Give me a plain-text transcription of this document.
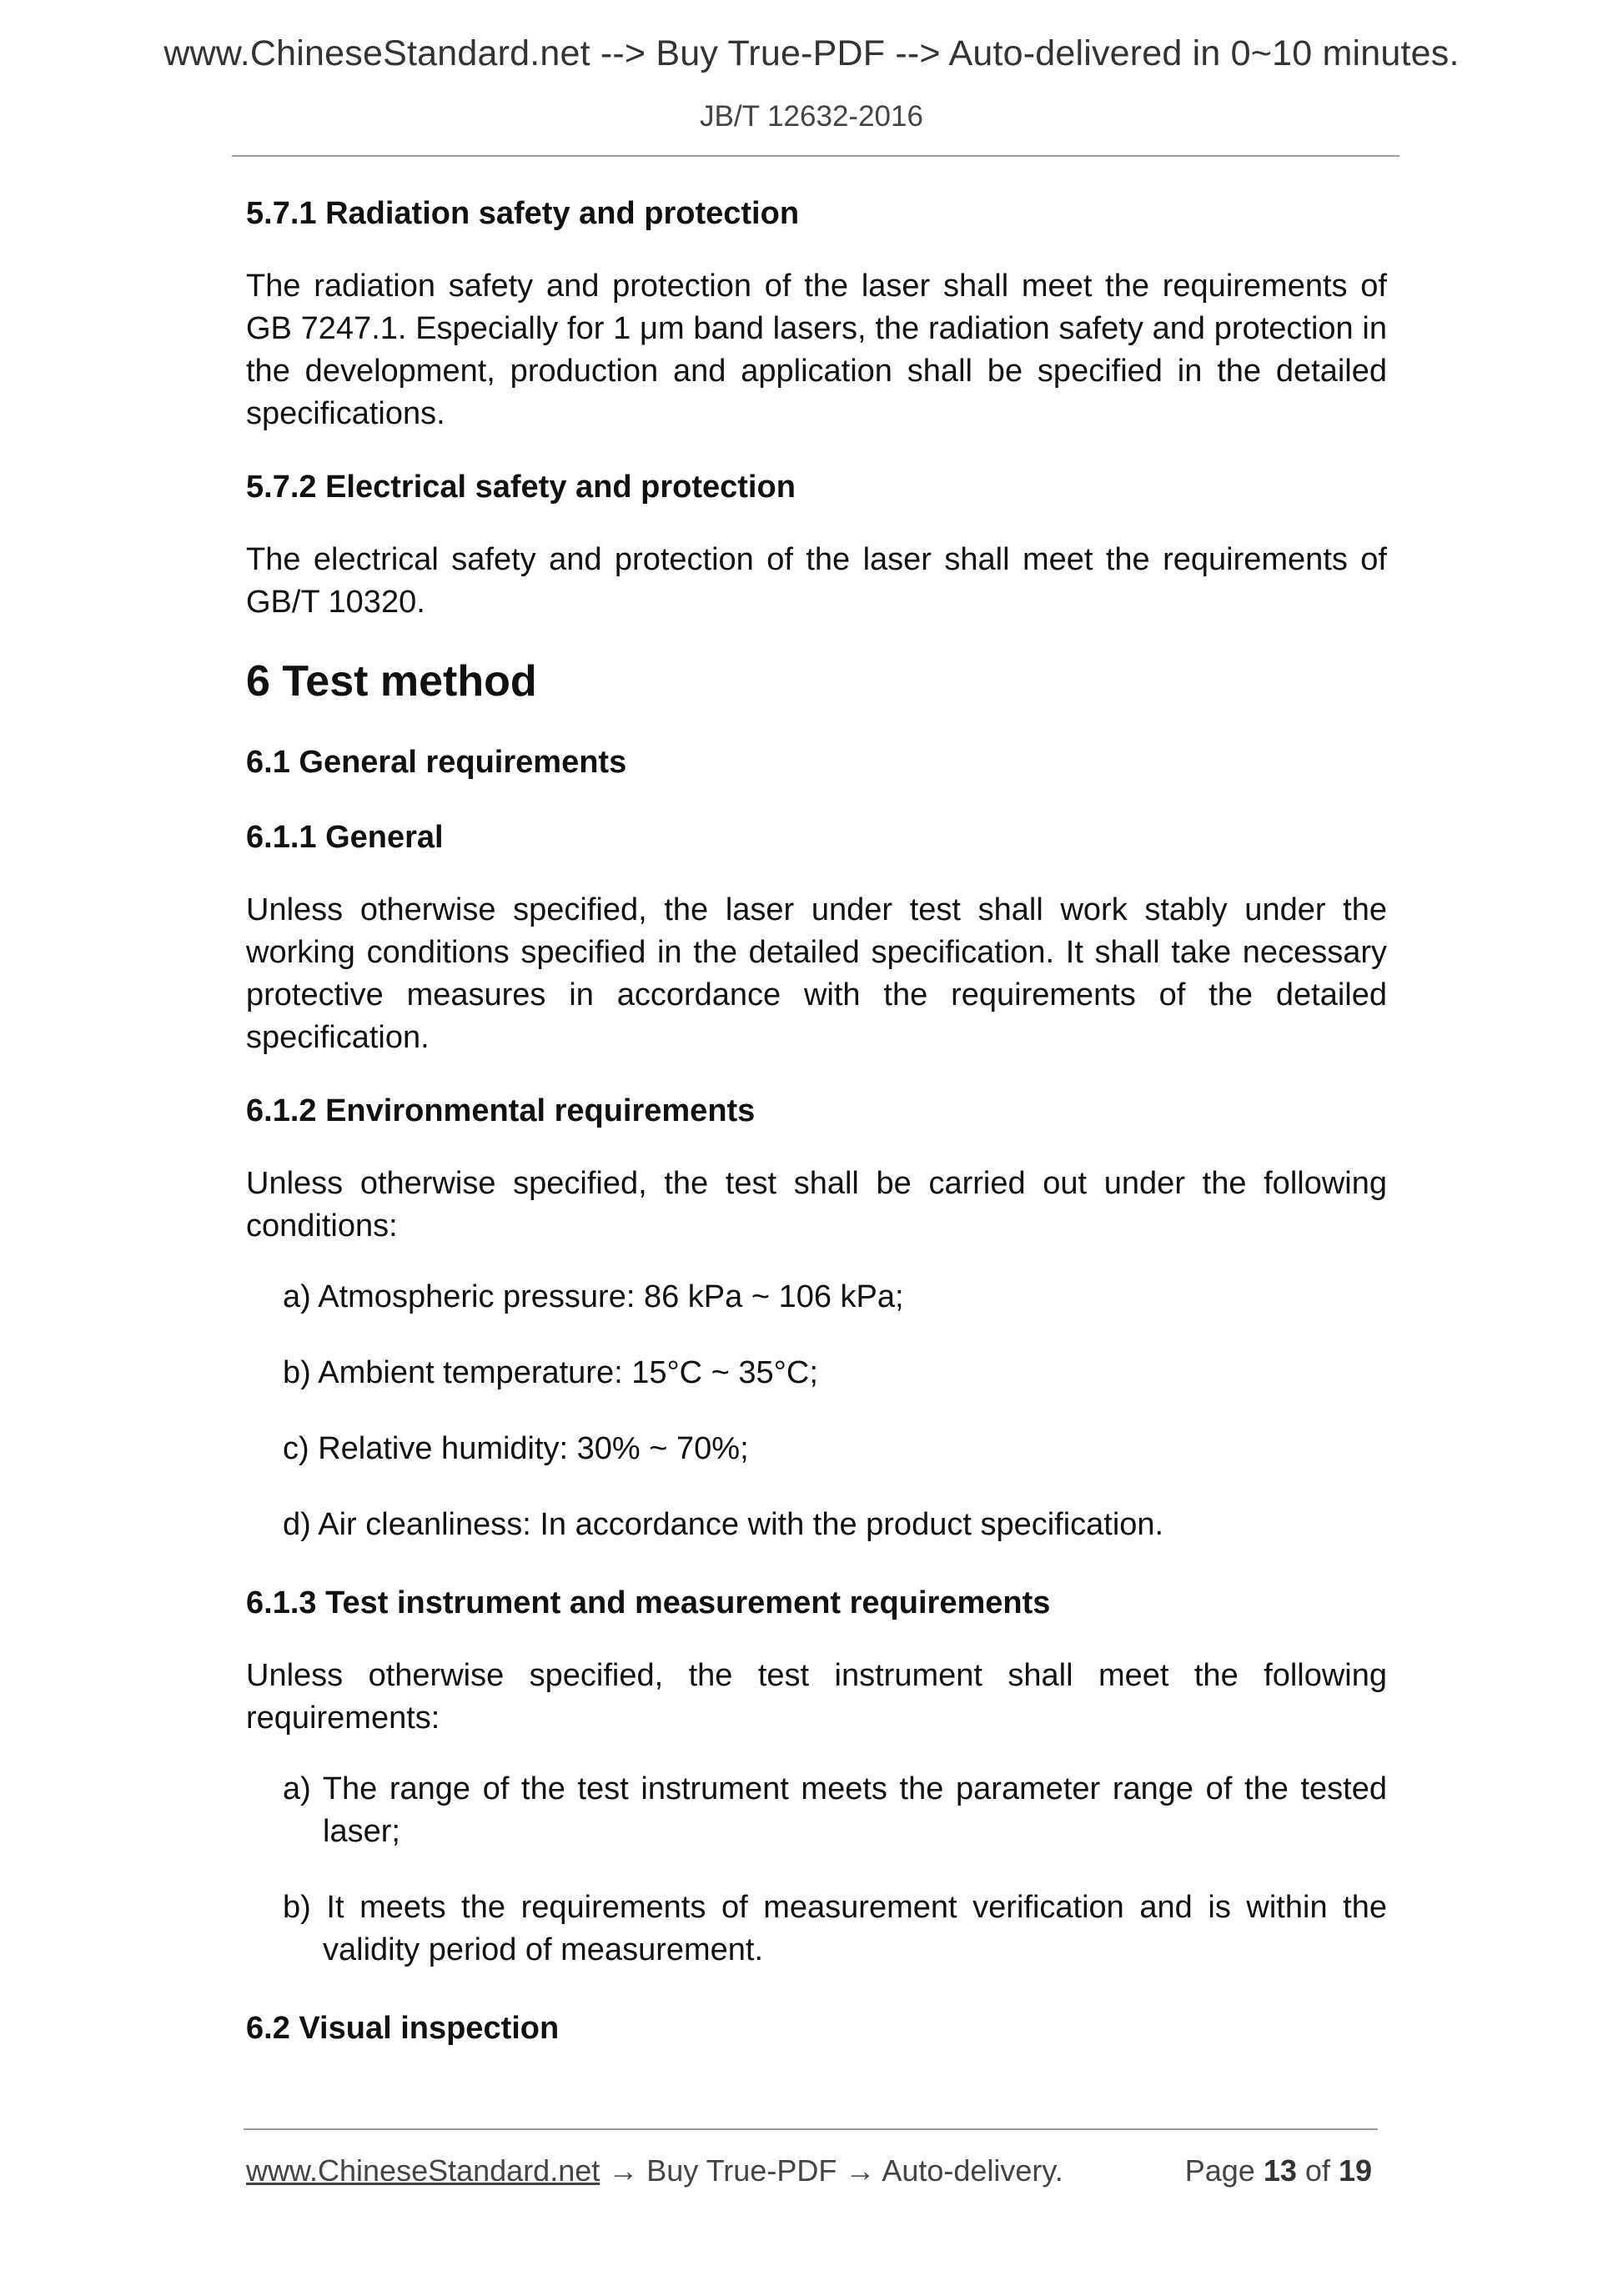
www.ChineseStandard.net --> Buy True-PDF --> Auto-delivered in 0~10 minutes.
JB/T 12632-2016
5.7.1 Radiation safety and protection
The radiation safety and protection of the laser shall meet the requirements of GB 7247.1. Especially for 1 μm band lasers, the radiation safety and protection in the development, production and application shall be specified in the detailed specifications.
5.7.2 Electrical safety and protection
The electrical safety and protection of the laser shall meet the requirements of GB/T 10320.
6 Test method
6.1 General requirements
6.1.1 General
Unless otherwise specified, the laser under test shall work stably under the working conditions specified in the detailed specification. It shall take necessary protective measures in accordance with the requirements of the detailed specification.
6.1.2 Environmental requirements
Unless otherwise specified, the test shall be carried out under the following conditions:
a) Atmospheric pressure: 86 kPa ~ 106 kPa;
b) Ambient temperature: 15°C ~ 35°C;
c) Relative humidity: 30% ~ 70%;
d) Air cleanliness: In accordance with the product specification.
6.1.3 Test instrument and measurement requirements
Unless otherwise specified, the test instrument shall meet the following requirements:
a) The range of the test instrument meets the parameter range of the tested laser;
b) It meets the requirements of measurement verification and is within the validity period of measurement.
6.2 Visual inspection
www.ChineseStandard.net → Buy True-PDF → Auto-delivery.	Page 13 of 19
